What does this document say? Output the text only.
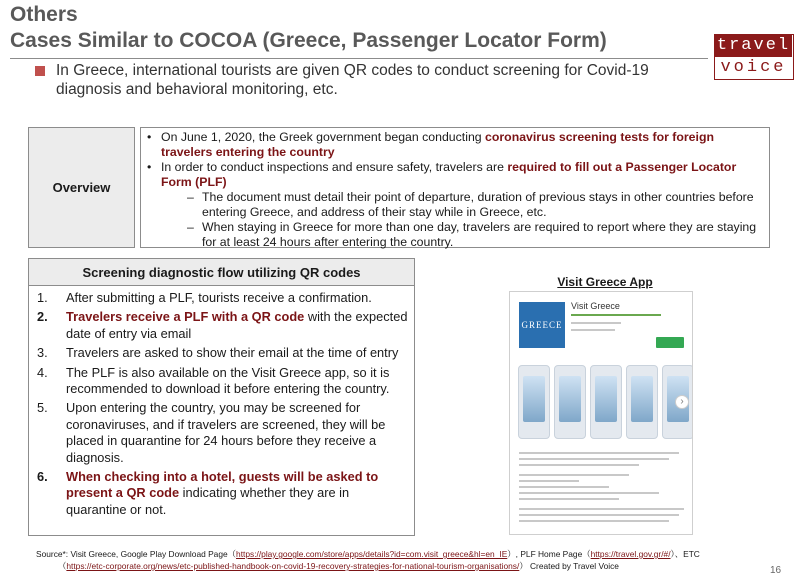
Others
Cases Similar to COCOA (Greece, Passenger Locator Form)	travel
voice
In Greece, international tourists are given QR codes to conduct screening for Covid-19 diagnosis and behavioral monitoring, etc.
Overview
• On June 1, 2020, the Greek government began conducting coronavirus screening tests for foreign travelers entering the country
• In order to conduct inspections and ensure safety, travelers are required to fill out a Passenger Locator Form (PLF)
– The document must detail their point of departure, duration of previous stays in other countries before entering Greece, and address of their stay while in Greece, etc.
– When staying in Greece for more than one day, travelers are required to report where they are staying for at least 24 hours after entering the country.
Screening diagnostic flow utilizing QR codes
1. After submitting a PLF, tourists receive a confirmation.
2. Travelers receive a PLF with a QR code with the expected date of entry via email
3. Travelers are asked to show their email at the time of entry
4. The PLF is also available on the Visit Greece app, so it is recommended to download it before entering the country.
5. Upon entering the country, you may be screened for coronaviruses, and if travelers are screened, they will be placed in quarantine for 24 hours before they receive a diagnosis.
6. When checking into a hotel, guests will be asked to present a QR code indicating whether they are in quarantine or not.
Visit Greece App
GREECE
Visit Greece
›
Source*: Visit Greece, Google Play Download Page（https://play.google.com/store/apps/details?id=com.visit_greece&hl=en_IE）, PLF Home Page（https://travel.gov.gr/#/）、ETC
（https://etc-corporate.org/news/etc-published-handbook-on-covid-19-recovery-strategies-for-national-tourism-organisations/） Created by Travel Voice	16
